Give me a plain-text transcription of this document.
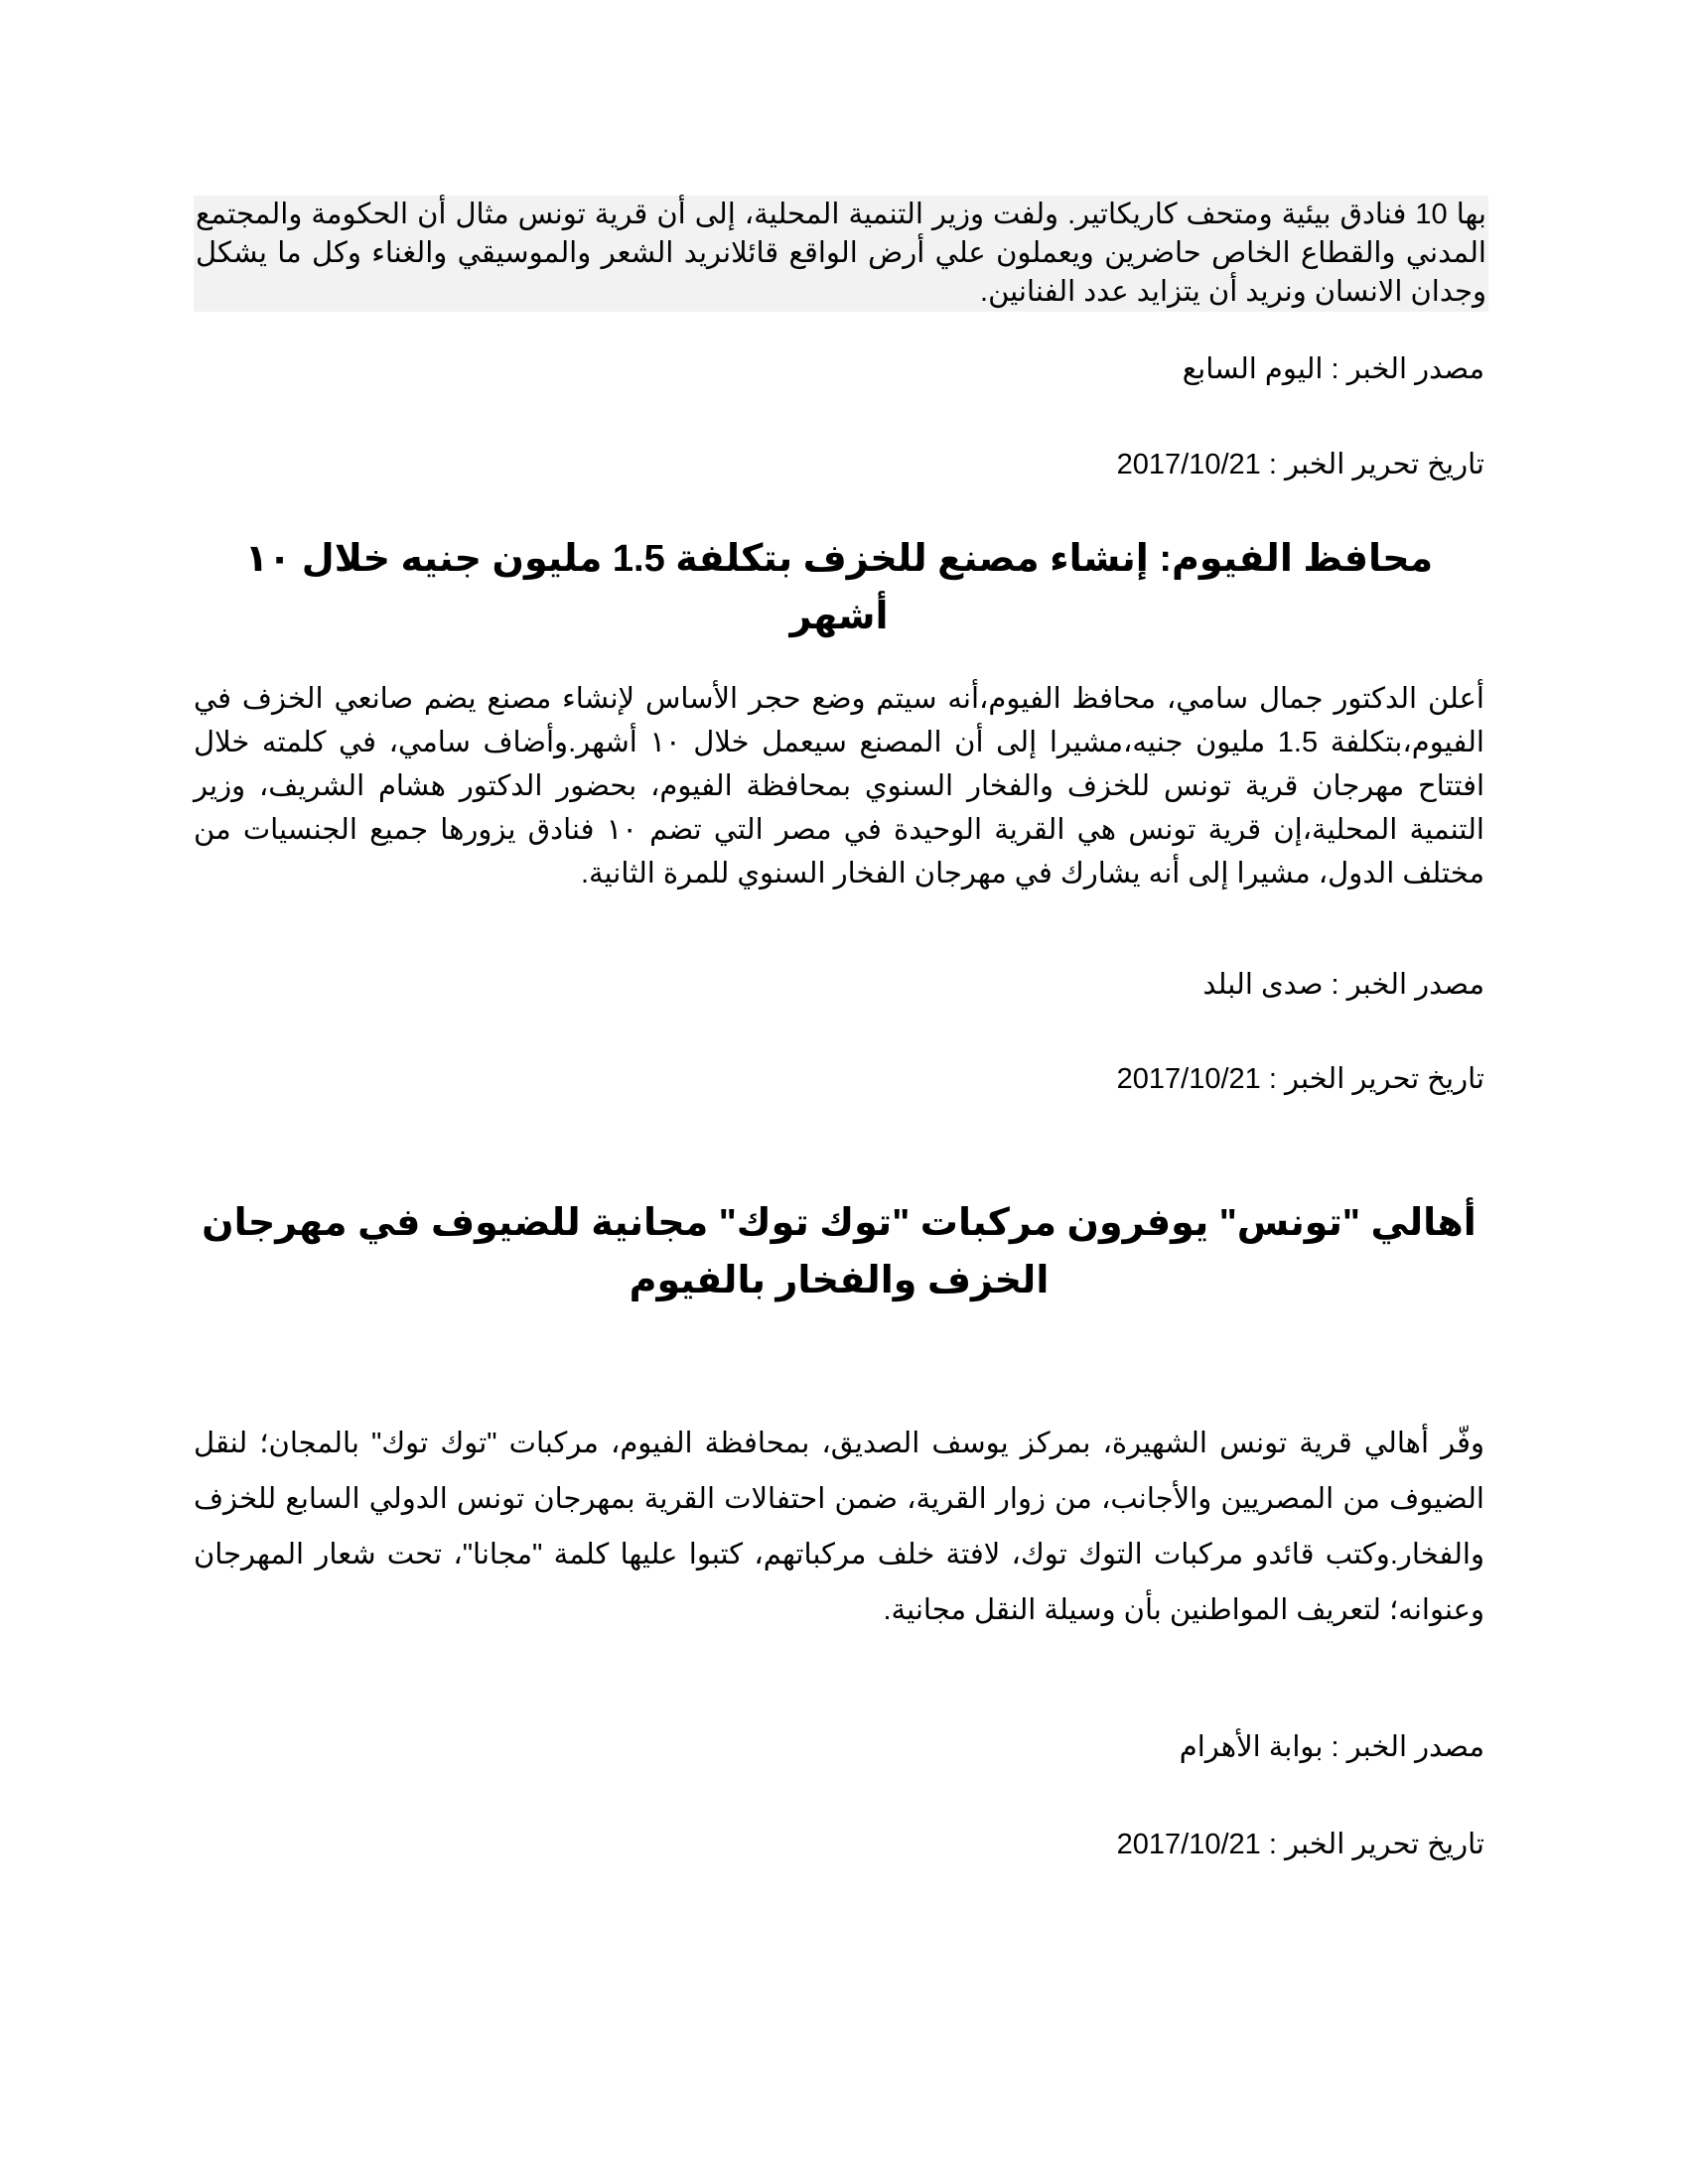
بها 10 فنادق بيئية ومتحف كاريكاتير. ولفت وزير التنمية المحلية، إلى أن قرية تونس مثال أن الحكومة والمجتمع المدني والقطاع الخاص حاضرين ويعملون علي أرض الواقع قائلانريد الشعر والموسيقي والغناء وكل ما يشكل وجدان الانسان ونريد أن يتزايد عدد الفنانين.
مصدر الخبر : اليوم السابع
تاريخ تحرير الخبر : 2017/10/21
محافظ الفيوم: إنشاء مصنع للخزف بتكلفة 1.5 مليون جنيه خلال ١٠ أشهر
أعلن الدكتور جمال سامي، محافظ الفيوم،أنه سيتم وضع حجر الأساس لإنشاء مصنع يضم صانعي الخزف في الفيوم،بتكلفة 1.5 مليون جنيه،مشيرا إلى أن المصنع سيعمل خلال ١٠ أشهر.وأضاف سامي، في كلمته خلال افتتاح مهرجان قرية تونس للخزف والفخار السنوي بمحافظة الفيوم، بحضور الدكتور هشام الشريف، وزير التنمية المحلية،إن قرية تونس هي القرية الوحيدة في مصر التي تضم ١٠ فنادق يزورها جميع الجنسيات من مختلف الدول، مشيرا إلى أنه يشارك في مهرجان الفخار السنوي للمرة الثانية.
مصدر الخبر : صدى البلد
تاريخ تحرير الخبر : 2017/10/21
أهالي "تونس" يوفرون مركبات "توك توك" مجانية للضيوف في مهرجان الخزف والفخار بالفيوم
وفّر أهالي قرية تونس الشهيرة، بمركز يوسف الصديق، بمحافظة الفيوم، مركبات "توك توك" بالمجان؛ لنقل الضيوف من المصريين والأجانب، من زوار القرية، ضمن احتفالات القرية بمهرجان تونس الدولي السابع للخزف والفخار.وكتب قائدو مركبات التوك توك، لافتة خلف مركباتهم، كتبوا عليها كلمة "مجانا"، تحت شعار المهرجان وعنوانه؛ لتعريف المواطنين بأن وسيلة النقل مجانية.
مصدر الخبر : بوابة الأهرام
تاريخ تحرير الخبر : 2017/10/21
